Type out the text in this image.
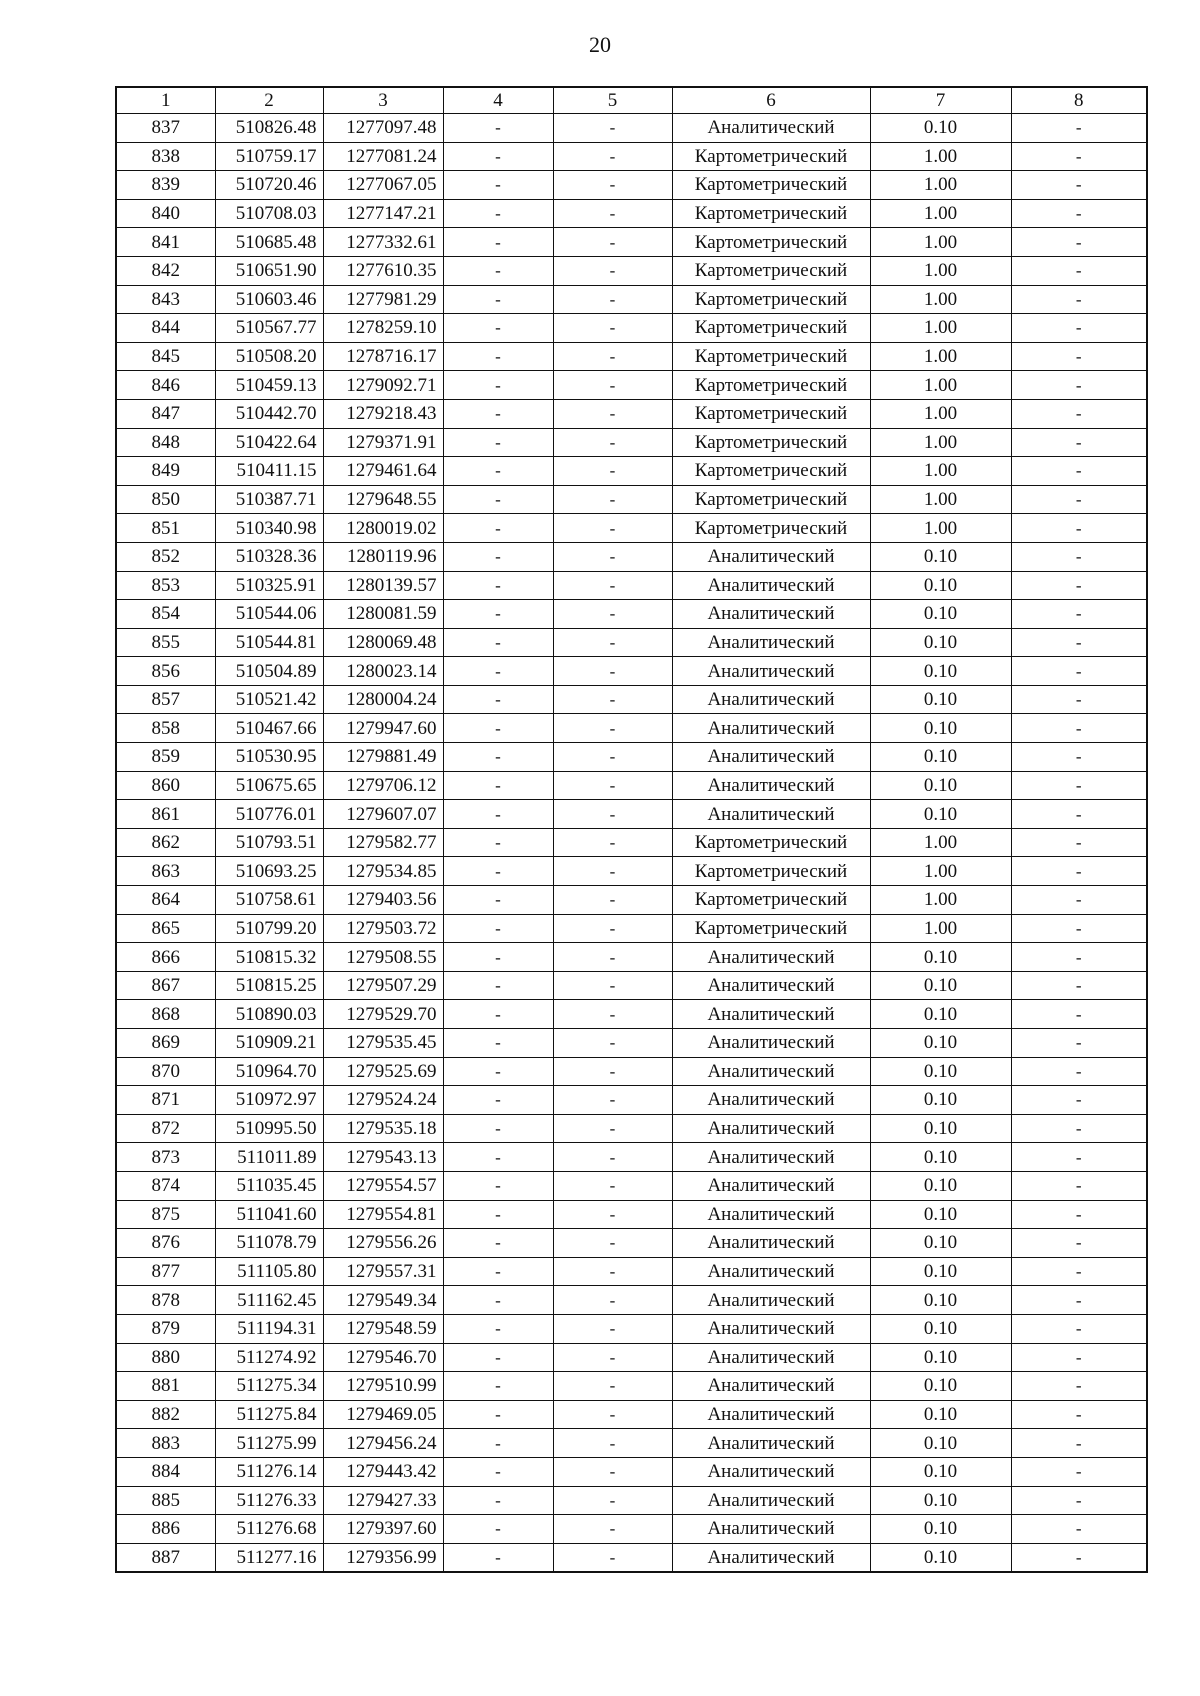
20
1	2	3	4	5	6	7	8
837	510826.48	1277097.48	-	-	Аналитический	0.10	-
838	510759.17	1277081.24	-	-	Картометрический	1.00	-
839	510720.46	1277067.05	-	-	Картометрический	1.00	-
840	510708.03	1277147.21	-	-	Картометрический	1.00	-
841	510685.48	1277332.61	-	-	Картометрический	1.00	-
842	510651.90	1277610.35	-	-	Картометрический	1.00	-
843	510603.46	1277981.29	-	-	Картометрический	1.00	-
844	510567.77	1278259.10	-	-	Картометрический	1.00	-
845	510508.20	1278716.17	-	-	Картометрический	1.00	-
846	510459.13	1279092.71	-	-	Картометрический	1.00	-
847	510442.70	1279218.43	-	-	Картометрический	1.00	-
848	510422.64	1279371.91	-	-	Картометрический	1.00	-
849	510411.15	1279461.64	-	-	Картометрический	1.00	-
850	510387.71	1279648.55	-	-	Картометрический	1.00	-
851	510340.98	1280019.02	-	-	Картометрический	1.00	-
852	510328.36	1280119.96	-	-	Аналитический	0.10	-
853	510325.91	1280139.57	-	-	Аналитический	0.10	-
854	510544.06	1280081.59	-	-	Аналитический	0.10	-
855	510544.81	1280069.48	-	-	Аналитический	0.10	-
856	510504.89	1280023.14	-	-	Аналитический	0.10	-
857	510521.42	1280004.24	-	-	Аналитический	0.10	-
858	510467.66	1279947.60	-	-	Аналитический	0.10	-
859	510530.95	1279881.49	-	-	Аналитический	0.10	-
860	510675.65	1279706.12	-	-	Аналитический	0.10	-
861	510776.01	1279607.07	-	-	Аналитический	0.10	-
862	510793.51	1279582.77	-	-	Картометрический	1.00	-
863	510693.25	1279534.85	-	-	Картометрический	1.00	-
864	510758.61	1279403.56	-	-	Картометрический	1.00	-
865	510799.20	1279503.72	-	-	Картометрический	1.00	-
866	510815.32	1279508.55	-	-	Аналитический	0.10	-
867	510815.25	1279507.29	-	-	Аналитический	0.10	-
868	510890.03	1279529.70	-	-	Аналитический	0.10	-
869	510909.21	1279535.45	-	-	Аналитический	0.10	-
870	510964.70	1279525.69	-	-	Аналитический	0.10	-
871	510972.97	1279524.24	-	-	Аналитический	0.10	-
872	510995.50	1279535.18	-	-	Аналитический	0.10	-
873	511011.89	1279543.13	-	-	Аналитический	0.10	-
874	511035.45	1279554.57	-	-	Аналитический	0.10	-
875	511041.60	1279554.81	-	-	Аналитический	0.10	-
876	511078.79	1279556.26	-	-	Аналитический	0.10	-
877	511105.80	1279557.31	-	-	Аналитический	0.10	-
878	511162.45	1279549.34	-	-	Аналитический	0.10	-
879	511194.31	1279548.59	-	-	Аналитический	0.10	-
880	511274.92	1279546.70	-	-	Аналитический	0.10	-
881	511275.34	1279510.99	-	-	Аналитический	0.10	-
882	511275.84	1279469.05	-	-	Аналитический	0.10	-
883	511275.99	1279456.24	-	-	Аналитический	0.10	-
884	511276.14	1279443.42	-	-	Аналитический	0.10	-
885	511276.33	1279427.33	-	-	Аналитический	0.10	-
886	511276.68	1279397.60	-	-	Аналитический	0.10	-
887	511277.16	1279356.99	-	-	Аналитический	0.10	-
